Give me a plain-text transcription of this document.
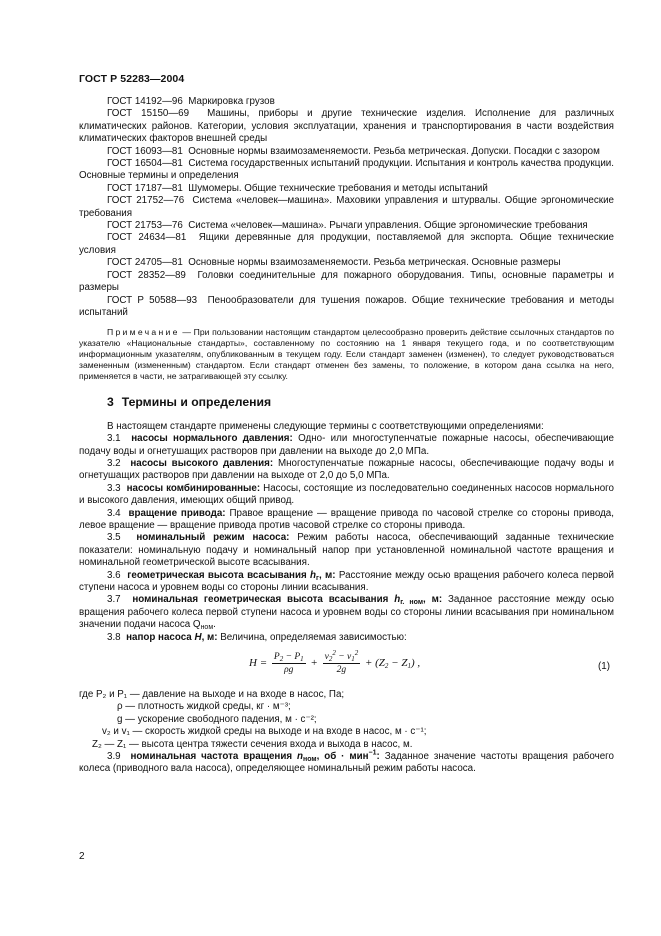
ГОСТ Р 52283—2004

ГОСТ 14192—96 Маркировка грузов

ГОСТ 15150—69 Машины, приборы и другие технические изделия. Исполнение для различных климатических районов. Категории, условия эксплуатации, хранения и транспортирования в части воздействия климатических факторов внешней среды

ГОСТ 16093—81 Основные нормы взаимозаменяемости. Резьба метрическая. Допуски. Посадки с зазором

ГОСТ 16504—81 Система государственных испытаний продукции. Испытания и контроль качества продукции. Основные термины и определения

ГОСТ 17187—81 Шумомеры. Общие технические требования и методы испытаний

ГОСТ 21752—76 Система «человек—машина». Маховики управления и штурвалы. Общие эргономические требования

ГОСТ 21753—76 Система «человек—машина». Рычаги управления. Общие эргономические требования

ГОСТ 24634—81 Ящики деревянные для продукции, поставляемой для экспорта. Общие технические условия

ГОСТ 24705—81 Основные нормы взаимозаменяемости. Резьба метрическая. Основные размеры

ГОСТ 28352—89 Головки соединительные для пожарного оборудования. Типы, основные параметры и размеры

ГОСТ Р 50588—93 Пенообразователи для тушения пожаров. Общие технические требования и методы испытаний

Примечание — При пользовании настоящим стандартом целесообразно проверить действие ссылочных стандартов по указателю «Национальные стандарты», составленному по состоянию на 1 января текущего года, и по соответствующим информационным указателям, опубликованным в текущем году. Если стандарт заменен (изменен), то следует руководствоваться замененным (измененным) стандартом. Если стандарт отменен без замены, то положение, в котором дана ссылка на него, применяется в части, не затрагивающей эту ссылку.
3 Термины и определения

В настоящем стандарте применены следующие термины с соответствующими определениями:

3.1 насосы нормального давления: Одно- или многоступенчатые пожарные насосы, обеспечивающие подачу воды и огнетушащих растворов при давлении на выходе до 2,0 МПа.

3.2 насосы высокого давления: Многоступенчатые пожарные насосы, обеспечивающие подачу воды и огнетушащих растворов при давлении на выходе от 2,0 до 5,0 МПа.

3.3 насосы комбинированные: Насосы, состоящие из последовательно соединенных насосов нормального и высокого давления, имеющих общий привод.

3.4 вращение привода: Правое вращение — вращение привода по часовой стрелке со стороны привода, левое вращение — вращение привода против часовой стрелке со стороны привода.

3.5 номинальный режим насоса: Режим работы насоса, обеспечивающий заданные технические показатели: номинальную подачу и номинальный напор при установленной номинальной частоте вращения и номинальной геометрической высоте всасывания.

3.6 геометрическая высота всасывания $h_г$, м: Расстояние между осью вращения рабочего колеса первой ступени насоса и уровнем воды со стороны линии всасывания.

3.7 номинальная геометрическая высота всасывания $h_{г. ном}$, м: Заданное расстояние между осью вращения рабочего колеса первой ступени насоса и уровнем воды со стороны линии всасывания при номинальном значении подачи насоса $Q_{ном}$.

3.8 напор насоса H, м: Величина, определяемая зависимостью:

$H = \frac{P_2 - P_1}{\rho g} + \frac{v_2^2 - v_1^2}{2g} + (Z_2 - Z_1)$ ,	(1)

где P₂ и P₁ — давление на выходе и на входе в насос, Па;

ρ — плотность жидкой среды, кг · м⁻³;

g — ускорение свободного падения, м · с⁻²;

v₂ и v₁ — скорость жидкой среды на выходе и на входе в насос, м · с⁻¹;

Z₂ — Z₁ — высота центра тяжести сечения входа и выхода в насос, м.

3.9 номинальная частота вращения $n_{ном}$, об · мин$^{-1}$: Заданное значение частоты вращения рабочего колеса (приводного вала насоса), определяющее номинальный режим работы насоса.

2
